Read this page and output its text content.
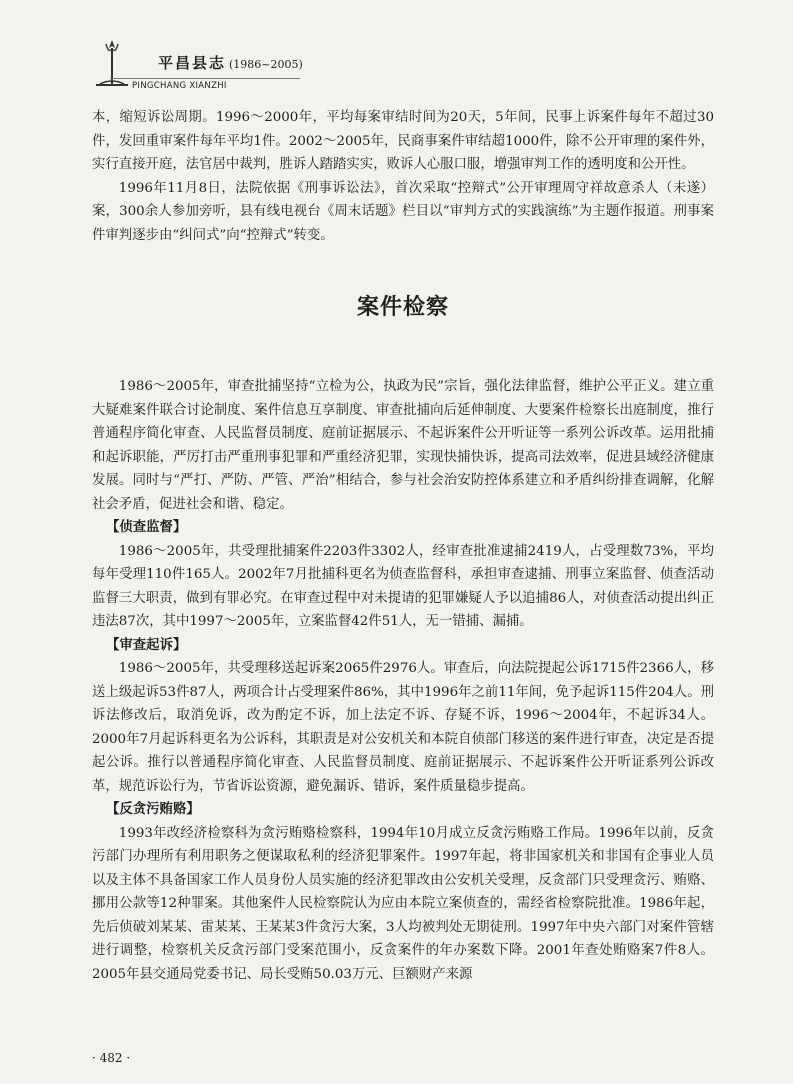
平昌县志 (1986~2005)
PINGCHANG XIANZHI

本，缩短诉讼周期。1996～2000年，平均每案审结时间为20天，5年间，民事上诉案件每年不超过30件，发回重审案件每年平均1件。2002～2005年，民商事案件审结超1000件，除不公开审理的案件外，实行直接开庭，法官居中裁判，胜诉人踏踏实实，败诉人心服口服，增强审判工作的透明度和公开性。

1996年11月8日，法院依据《刑事诉讼法》，首次采取“控辩式”公开审理周守祥故意杀人（未遂）案，300余人参加旁听，县有线电视台《周末话题》栏目以“审判方式的实践演练”为主题作报道。刑事案件审判逐步由“纠问式”向“控辩式”转变。

案件检察

1986～2005年，审查批捕坚持“立检为公，执政为民”宗旨，强化法律监督，维护公平正义。建立重大疑难案件联合讨论制度、案件信息互享制度、审查批捕向后延伸制度、大要案件检察长出庭制度，推行普通程序简化审查、人民监督员制度、庭前证据展示、不起诉案件公开听证等一系列公诉改革。运用批捕和起诉职能，严厉打击严重刑事犯罪和严重经济犯罪，实现快捕快诉，提高司法效率，促进县域经济健康发展。同时与“严打、严防、严管、严治”相结合，参与社会治安防控体系建立和矛盾纠纷排查调解，化解社会矛盾，促进社会和谐、稳定。

【侦查监督】

1986～2005年，共受理批捕案件2203件3302人，经审查批准逮捕2419人，占受理数73%，平均每年受理110件165人。2002年7月批捕科更名为侦查监督科，承担审查逮捕、刑事立案监督、侦查活动监督三大职责，做到有罪必究。在审查过程中对未提请的犯罪嫌疑人予以追捕86人，对侦查活动提出纠正违法87次，其中1997～2005年，立案监督42件51人，无一错捕、漏捕。

【审查起诉】

1986～2005年，共受理移送起诉案2065件2976人。审查后，向法院提起公诉1715件2366人，移送上级起诉53件87人，两项合计占受理案件86%，其中1996年之前11年间，免予起诉115件204人。刑诉法修改后，取消免诉，改为酌定不诉，加上法定不诉、存疑不诉，1996～2004年，不起诉34人。2000年7月起诉科更名为公诉科，其职责是对公安机关和本院自侦部门移送的案件进行审查，决定是否提起公诉。推行以普通程序简化审查、人民监督员制度、庭前证据展示、不起诉案件公开听证系列公诉改革，规范诉讼行为，节省诉讼资源，避免漏诉、错诉，案件质量稳步提高。

【反贪污贿赂】

1993年改经济检察科为贪污贿赂检察科，1994年10月成立反贪污贿赂工作局。1996年以前，反贪污部门办理所有利用职务之便谋取私利的经济犯罪案件。1997年起，将非国家机关和非国有企事业人员以及主体不具备国家工作人员身份人员实施的经济犯罪改由公安机关受理，反贪部门只受理贪污、贿赂、挪用公款等12种罪案。其他案件人民检察院认为应由本院立案侦查的，需经省检察院批准。1986年起，先后侦破刘某某、雷某某、王某某3件贪污大案，3人均被判处无期徒刑。1997年中央六部门对案件管辖进行调整，检察机关反贪污部门受案范围小，反贪案件的年办案数下降。2001年查处贿赂案7件8人。2005年县交通局党委书记、局长受贿50.03万元、巨额财产来源

· 482 ·
